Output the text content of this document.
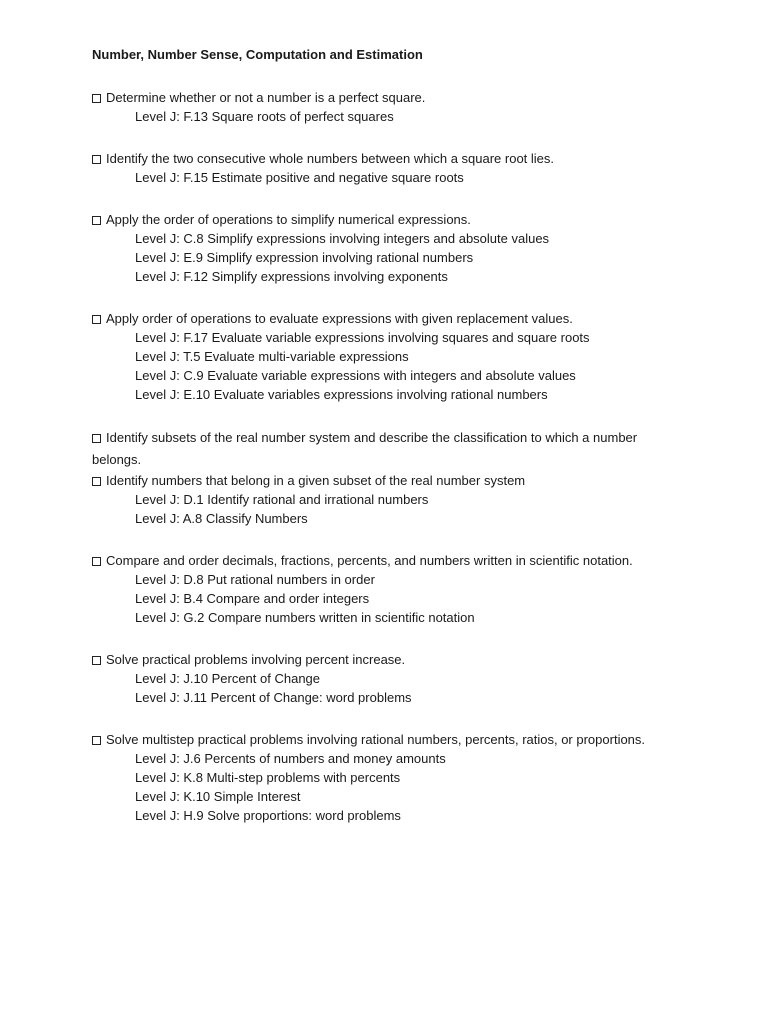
Number, Number Sense, Computation and Estimation
Determine whether or not a number is a perfect square.
Level J: F.13 Square roots of perfect squares
Identify the two consecutive whole numbers between which a square root lies.
Level J: F.15 Estimate positive and negative square roots
Apply the order of operations to simplify numerical expressions.
Level J: C.8 Simplify expressions involving integers and absolute values
Level J: E.9 Simplify expression involving rational numbers
Level J: F.12 Simplify expressions involving exponents
Apply order of operations to evaluate expressions with given replacement values.
Level J: F.17 Evaluate variable expressions involving squares and square roots
Level J: T.5 Evaluate multi-variable expressions
Level J: C.9 Evaluate variable expressions with integers and absolute values
Level J: E.10 Evaluate variables expressions involving rational numbers
Identify subsets of the real number system and describe the classification to which a number belongs.
Identify numbers that belong in a given subset of the real number system
Level J: D.1 Identify rational and irrational numbers
Level J: A.8 Classify Numbers
Compare and order decimals, fractions, percents, and numbers written in scientific notation.
Level J: D.8 Put rational numbers in order
Level J: B.4 Compare and order integers
Level J: G.2 Compare numbers written in scientific notation
Solve practical problems involving percent increase.
Level J: J.10 Percent of Change
Level J: J.11 Percent of Change: word problems
Solve multistep practical problems involving rational numbers, percents, ratios, or proportions.
Level J: J.6 Percents of numbers and money amounts
Level J: K.8 Multi-step problems with percents
Level J: K.10 Simple Interest
Level J: H.9 Solve proportions: word problems
